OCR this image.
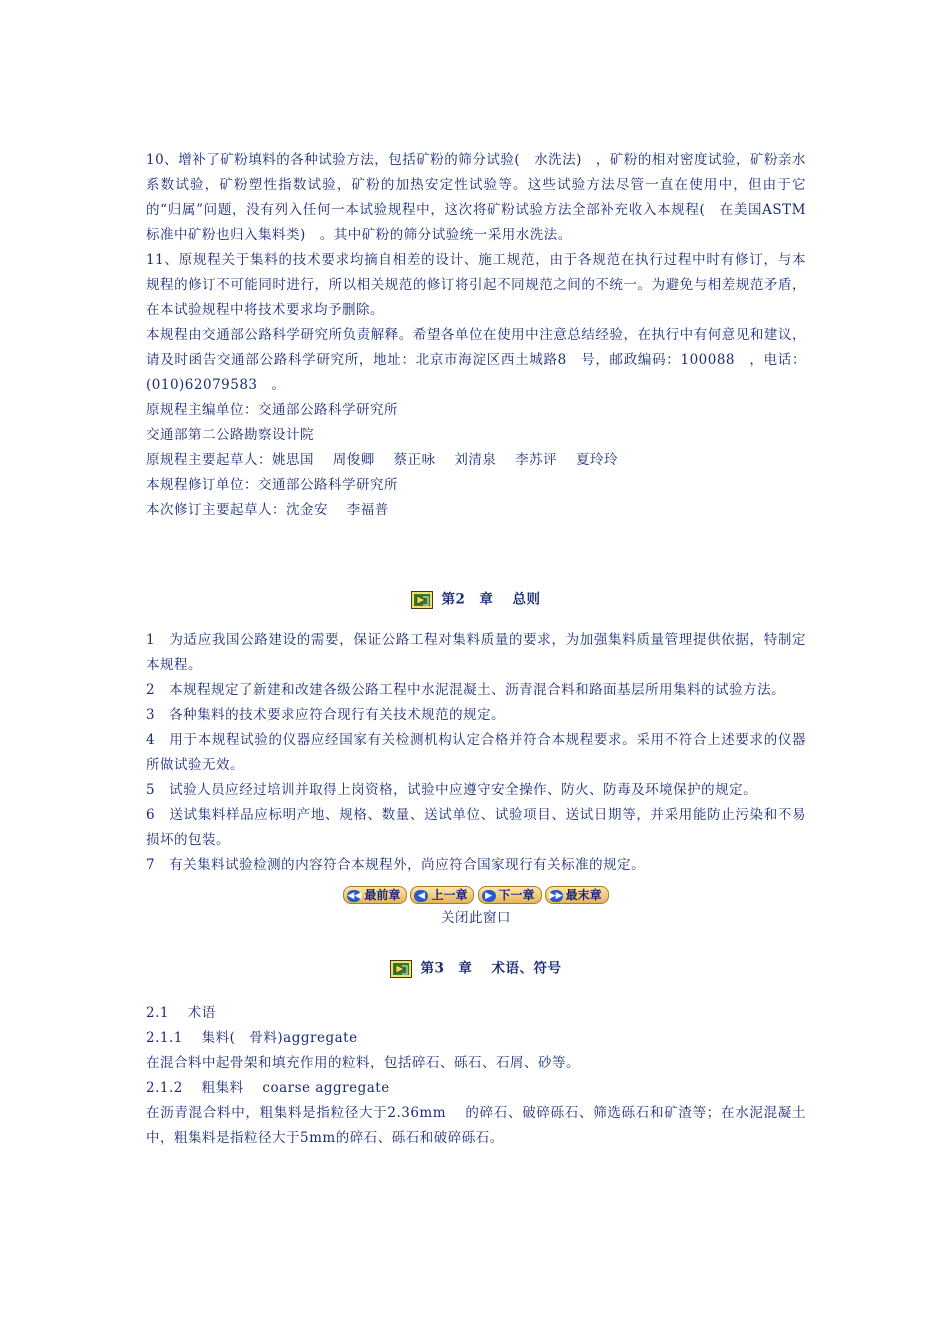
10、增补了矿粉填料的各种试验方法，包括矿粉的筛分试验(　水洗法)　，矿粉的相对密度试验，矿粉亲水系数试验，矿粉塑性指数试验，矿粉的加热安定性试验等。这些试验方法尽管一直在使用中，但由于它的“归属”问题，没有列入任何一本试验规程中，这次将矿粉试验方法全部补充收入本规程(　在美国ASTM　标准中矿粉也归入集料类)　。其中矿粉的筛分试验统一采用水洗法。

11、原规程关于集料的技术要求均摘自相差的设计、施工规范，由于各规范在执行过程中时有修订，与本规程的修订不可能同时进行，所以相关规范的修订将引起不同规范之间的不统一。为避免与相差规范矛盾，在本试验规程中将技术要求均予删除。

本规程由交通部公路科学研究所负责解释。希望各单位在使用中注意总结经验，在执行中有何意见和建议，请及时函告交通部公路科学研究所，地址：北京市海淀区西土城路8　号，邮政编码：100088　，电话：(010)62079583　。

原规程主编单位：交通部公路科学研究所

交通部第二公路勘察设计院

原规程主要起草人：姚思国　 周俊卿　 蔡正咏　 刘清泉　 李苏评　 夏玲玲

本规程修订单位：交通部公路科学研究所

本次修订主要起草人：沈金安　 李福普

第2　章　 总则

1　为适应我国公路建设的需要，保证公路工程对集料质量的要求，为加强集料质量管理提供依据，特制定本规程。

2　本规程规定了新建和改建各级公路工程中水泥混凝土、沥青混合料和路面基层所用集料的试验方法。

3　各种集料的技术要求应符合现行有关技术规范的规定。

4　用于本规程试验的仪器应经国家有关检测机构认定合格并符合本规程要求。采用不符合上述要求的仪器所做试验无效。

5　试验人员应经过培训并取得上岗资格，试验中应遵守安全操作、防火、防毒及环境保护的规定。

6　送试集料样品应标明产地、规格、数量、送试单位、试验项目、送试日期等，并采用能防止污染和不易损坏的包装。

7　有关集料试验检测的内容符合本规程外，尚应符合国家现行有关标准的规定。

◀◀ 最前章 ◀ 上一章 ▶ 下一章 ▶▶ 最末章
关闭此窗口
第3　章　 术语、符号

2.1　 术语

2.1.1　 集料(　骨料)aggregate

在混合料中起骨架和填充作用的粒料，包括碎石、砾石、石屑、砂等。

2.1.2　 粗集料　 coarse aggregate

在沥青混合料中，粗集料是指粒径大于2.36mm　 的碎石、破碎砾石、筛选砾石和矿渣等；在水泥混凝土中，粗集料是指粒径大于5mm的碎石、砾石和破碎砾石。
